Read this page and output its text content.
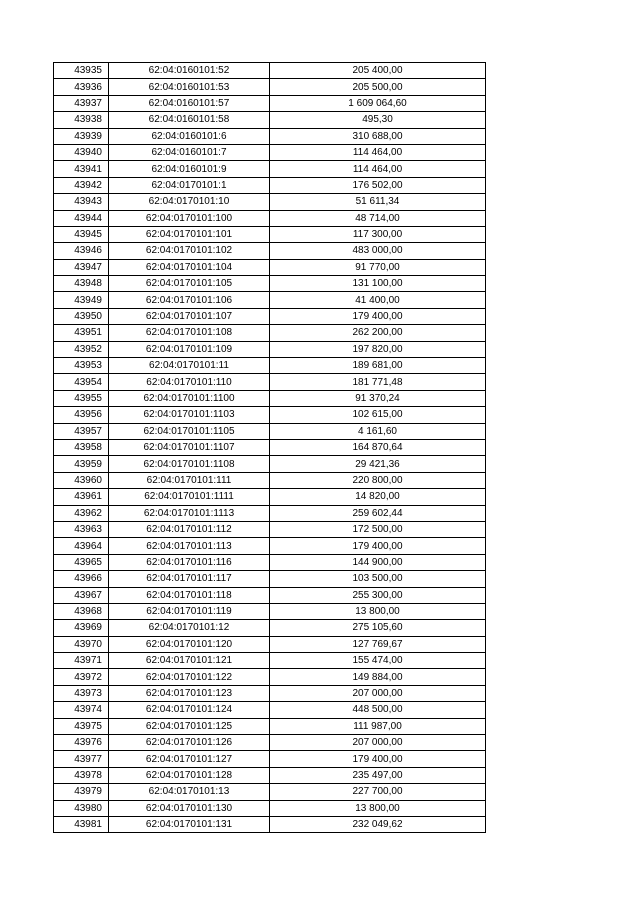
43935	62:04:0160101:52	205 400,00
43936	62:04:0160101:53	205 500,00
43937	62:04:0160101:57	1 609 064,60
43938	62:04:0160101:58	495,30
43939	62:04:0160101:6	310 688,00
43940	62:04:0160101:7	114 464,00
43941	62:04:0160101:9	114 464,00
43942	62:04:0170101:1	176 502,00
43943	62:04:0170101:10	51 611,34
43944	62:04:0170101:100	48 714,00
43945	62:04:0170101:101	117 300,00
43946	62:04:0170101:102	483 000,00
43947	62:04:0170101:104	91 770,00
43948	62:04:0170101:105	131 100,00
43949	62:04:0170101:106	41 400,00
43950	62:04:0170101:107	179 400,00
43951	62:04:0170101:108	262 200,00
43952	62:04:0170101:109	197 820,00
43953	62:04:0170101:11	189 681,00
43954	62:04:0170101:110	181 771,48
43955	62:04:0170101:1100	91 370,24
43956	62:04:0170101:1103	102 615,00
43957	62:04:0170101:1105	4 161,60
43958	62:04:0170101:1107	164 870,64
43959	62:04:0170101:1108	29 421,36
43960	62:04:0170101:111	220 800,00
43961	62:04:0170101:1111	14 820,00
43962	62:04:0170101:1113	259 602,44
43963	62:04:0170101:112	172 500,00
43964	62:04:0170101:113	179 400,00
43965	62:04:0170101:116	144 900,00
43966	62:04:0170101:117	103 500,00
43967	62:04:0170101:118	255 300,00
43968	62:04:0170101:119	13 800,00
43969	62:04:0170101:12	275 105,60
43970	62:04:0170101:120	127 769,67
43971	62:04:0170101:121	155 474,00
43972	62:04:0170101:122	149 884,00
43973	62:04:0170101:123	207 000,00
43974	62:04:0170101:124	448 500,00
43975	62:04:0170101:125	111 987,00
43976	62:04:0170101:126	207 000,00
43977	62:04:0170101:127	179 400,00
43978	62:04:0170101:128	235 497,00
43979	62:04:0170101:13	227 700,00
43980	62:04:0170101:130	13 800,00
43981	62:04:0170101:131	232 049,62
